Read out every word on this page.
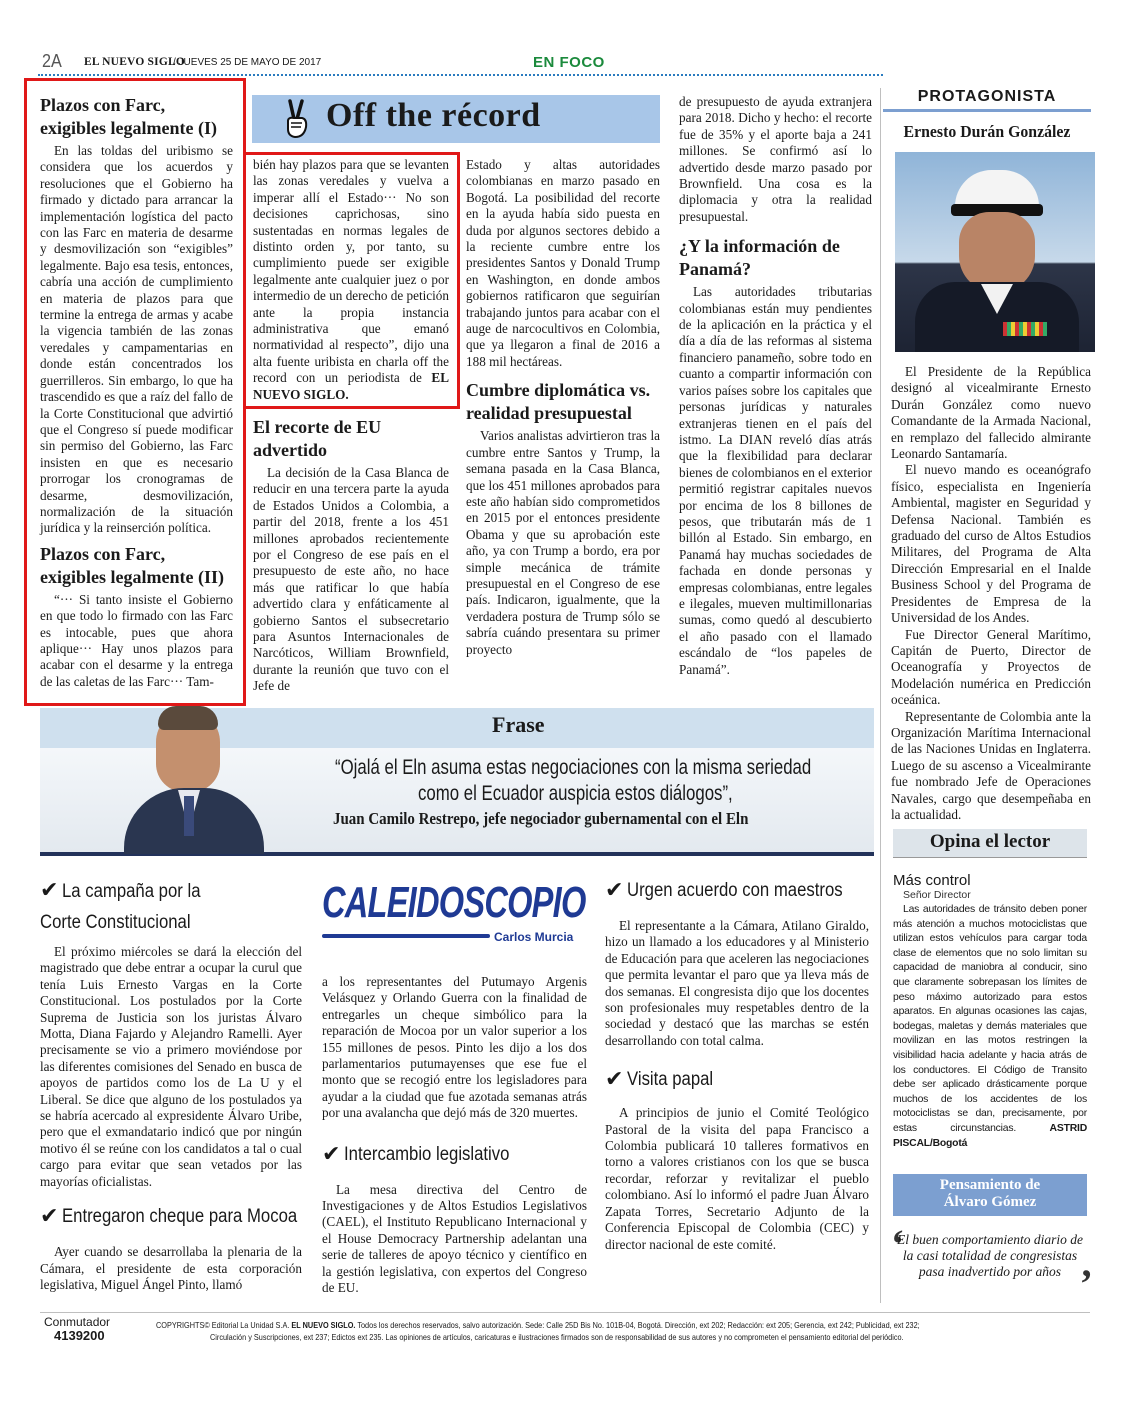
2A EL NUEVO SIGLO
/ JUEVES 25 DE MAYO DE 2017	EN FOCO
Off the récord
Plazos con Farc, exigibles legalmente (I)

En las toldas del uribismo se considera que los acuerdos y resoluciones que el Gobierno ha firmado y dictado para arrancar la implementación logística del pacto con las Farc en materia de desarme y desmovilización son “exigibles” legalmente. Bajo esa tesis, entonces, cabría una acción de cumplimiento en materia de plazos para que termine la entrega de armas y acabe la vigencia también de las zonas veredales y campamentarias en donde están concentrados los guerrilleros. Sin embargo, lo que ha trascendido es que a raíz del fallo de la Corte Constitucional que advirtió que el Congreso sí puede modificar sin permiso del Gobierno, las Farc insisten en que es necesario prorrogar los cronogramas de desarme, desmovilización, normalización de la situación jurídica y la reinserción política.

Plazos con Farc, exigibles legalmente (II)

“··· Si tanto insiste el Gobierno en que todo lo firmado con las Farc es intocable, pues que ahora aplique··· Hay unos plazos para acabar con el desarme y la entrega de las caletas de las Farc··· Tam-

bién hay plazos para que se levanten las zonas veredales y vuelva a imperar allí el Estado··· No son decisiones caprichosas, sino sustentadas en normas legales de distinto orden y, por tanto, su cumplimiento puede ser exigible legalmente ante cualquier juez o por intermedio de un derecho de petición ante la propia instancia administrativa que emanó normatividad al respecto”, dijo una alta fuente uribista en charla off the record con un periodista de EL NUEVO SIGLO.

El recorte de EU advertido

La decisión de la Casa Blanca de reducir en una tercera parte la ayuda de Estados Unidos a Colombia, a partir del 2018, frente a los 451 millones aprobados recientemente por el Congreso de ese país en el presupuesto de este año, no hace más que ratificar lo que había advertido clara y enfáticamente al gobierno Santos el subsecretario para Asuntos Internacionales de Narcóticos, William Brownfield, durante la reunión que tuvo con el Jefe de

Estado y altas autoridades colombianas en marzo pasado en Bogotá. La posibilidad del recorte en la ayuda había sido puesta en duda por algunos sectores debido a la reciente cumbre entre los presidentes Santos y Donald Trump en Washington, en donde ambos gobiernos ratificaron que seguirían trabajando juntos para acabar con el auge de narcocultivos en Colombia, que ya llegaron a final de 2016 a 188 mil hectáreas.

Cumbre diplomática vs. realidad presupuestal

Varios analistas advirtieron tras la cumbre entre Santos y Trump, la semana pasada en la Casa Blanca, que los 451 millones aprobados para este año habían sido comprometidos en 2015 por el entonces presidente Obama y que su aprobación este año, ya con Trump a bordo, era por simple mecánica de trámite presupuestal en el Congreso de ese país. Indicaron, igualmente, que la verdadera postura de Trump sólo se sabría cuándo presentara su primer proyecto

de presupuesto de ayuda extranjera para 2018. Dicho y hecho: el recorte fue de 35% y el aporte baja a 241 millones. Se confirmó así lo advertido desde marzo pasado por Brownfield. Una cosa es la diplomacia y otra la realidad presupuestal.

¿Y la información de Panamá?

Las autoridades tributarias colombianas están muy pendientes de la aplicación en la práctica y el día a día de las reformas al sistema financiero panameño, sobre todo en cuanto a compartir información con varios países sobre los capitales que personas jurídicas y naturales extranjeras tienen en el país del istmo. La DIAN reveló días atrás que la flexibilidad para declarar bienes de colombianos en el exterior permitió registrar capitales nuevos por encima de los 8 billones de pesos, que tributarán más de 1 billón al Estado. Sin embargo, en Panamá hay muchas sociedades de fachada en donde personas y empresas colombianas, entre legales e ilegales, mueven multimillonarias sumas, como quedó al descubierto el año pasado con el llamado escándalo de “los papeles de Panamá”.

PROTAGONISTA
Ernesto Durán González

El Presidente de la República designó al vicealmirante Ernesto Durán González como nuevo Comandante de la Armada Nacional, en remplazo del fallecido almirante Leonardo Santamaría.

El nuevo mando es oceanógrafo físico, especialista en Ingeniería Ambiental, magister en Seguridad y Defensa Nacional. También es graduado del curso de Altos Estudios Militares, del Programa de Alta Dirección Empresarial en el Inalde Business School y del Programa de Presidentes de Empresa de la Universidad de los Andes.

Fue Director General Marítimo, Capitán de Puerto, Director de Oceanografía y Proyectos de Modelación numérica en Predicción oceánica.

Representante de Colombia ante la Organización Marítima Internacional de las Naciones Unidas en Inglaterra. Luego de su ascenso a Vicealmirante fue nombrado Jefe de Operaciones Navales, cargo que desempeñaba en la actualidad.

Frase
“Ojalá el Eln asuma estas negociaciones con la misma seriedad
como el Ecuador auspicia estos diálogos”,
Juan Camilo Restrepo, jefe negociador gubernamental con el Eln
✔ La campaña por la
Corte Constitucional

El próximo miércoles se dará la elección del magistrado que debe entrar a ocupar la curul que tenía Luis Ernesto Vargas en la Corte Constitucional. Los postulados por la Corte Suprema de Justicia son los juristas Álvaro Motta, Diana Fajardo y Alejandro Ramelli. Ayer precisamente se vio a primero moviéndose por las diferentes comisiones del Senado en busca de apoyos de partidos como los de La U y el Liberal. Se dice que alguno de los postulados ya se habría acercado al expresidente Álvaro Uribe, pero que el exmandatario indicó que por ningún motivo él se reúne con los candidatos a tal o cual cargo para evitar que sean vetados por las mayorías oficialistas.

✔ Entregaron cheque para Mocoa

Ayer cuando se desarrollaba la plenaria de la Cámara, el presidente de esta corporación legislativa, Miguel Ángel Pinto, llamó

CALEIDOSCOPIO
Carlos Murcia

a los representantes del Putumayo Argenis Velásquez y Orlando Guerra con la finalidad de entregarles un cheque simbólico para la reparación de Mocoa por un valor superior a los 155 millones de pesos. Pinto les dijo a los dos parlamentarios putumayenses que ese fue el monto que se recogió entre los legisladores para ayudar a la ciudad que fue azotada semanas atrás por una avalancha que dejó más de 320 muertes.

✔ Intercambio legislativo

La mesa directiva del Centro de Investigaciones y de Altos Estudios Legislativos (CAEL), el Instituto Republicano Internacional y el House Democracy Partnership adelantan una serie de talleres de apoyo técnico y científico en la gestión legislativa, con expertos del Congreso de EU.

✔ Urgen acuerdo con maestros

El representante a la Cámara, Atilano Giraldo, hizo un llamado a los educadores y al Ministerio de Educación para que aceleren las negociaciones que permita levantar el paro que ya lleva más de dos semanas. El congresista dijo que los docentes son profesionales muy respetables dentro de la sociedad y destacó que las marchas se estén desarrollando con total calma.

✔ Visita papal

A principios de junio el Comité Teológico Pastoral de la visita del papa Francisco a Colombia publicará 10 talleres formativos en torno a valores cristianos con los que se busca recordar, reforzar y revitalizar el pueblo colombiano. Así lo informó el padre Juan Álvaro Zapata Torres, Secretario Adjunto de la Conferencia Episcopal de Colombia (CEC) y director nacional de este comité.

Opina el lector
Más control
Señor Director

Las autoridades de tránsito deben poner más atención a muchos motociclistas que utilizan estos vehículos para cargar toda clase de elementos que no solo limitan su capacidad de maniobra al conducir, sino que claramente sobrepasan los límites de peso máximo autorizado para estos aparatos. En algunas ocasiones las cajas, bodegas, maletas y demás materiales que movilizan en las motos restringen la visibilidad hacia adelante y hacia atrás de los conductores. El Código de Transito debe ser aplicado drásticamente porque muchos de los accidentes de los motociclistas se dan, precisamente, por estas circunstancias.	ASTRID PISCAL/Bogotá

Pensamiento de
Álvaro Gómez
‘
El buen comportamiento diario de la casi totalidad de congresistas pasa inadvertido por años ’
Conmutador
4139200
COPYRIGHTS© Editorial La Unidad S.A. EL NUEVO SIGLO. Todos los derechos reservados, salvo autorización. Sede: Calle 25D Bis No. 101B-04, Bogotá. Dirección, ext 202; Redacción: ext 205; Gerencia, ext 242; Publicidad, ext 232;
Circulación y Suscripciones, ext 237; Edictos ext 235. Las opiniones de artículos, caricaturas e ilustraciones firmados son de responsabilidad de sus autores y no comprometen el pensamiento editorial del periódico.
